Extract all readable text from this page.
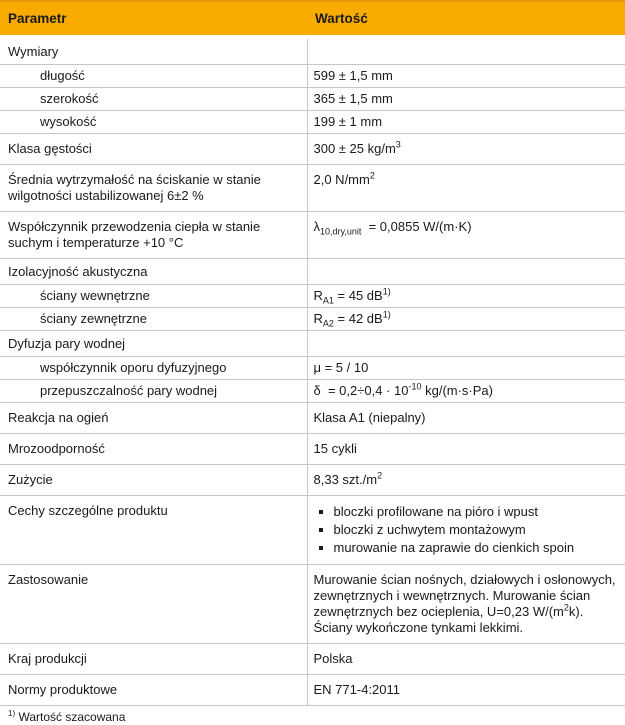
Parametr	Wartość
Wymiary	
długość	599 ± 1,5 mm
szerokość	365 ± 1,5 mm
wysokość	199 ± 1 mm
Klasa gęstości	300 ± 25 $kg/m^3$
Średnia wytrzymałość na ściskanie w stanie wilgotności ustabilizowanej 6±2 %	2,0 $N/mm^2$
Współczynnik przewodzenia ciepła w stanie suchym i temperaturze +10 °C	$\lambda_{10,dry,unit} = 0,0855$ W/(m·K)
Izolacyjność akustyczna	
ściany wewnętrzne	$R_{A1} = 45$ $dB^{1)}$
ściany zewnętrzne	$R_{A2} = 42$ $dB^{1)}$
Dyfuzja pary wodnej	
współczynnik oporu dyfuzyjnego	μ = 5 / 10
przepuszczalność pary wodnej	$\delta = 0,2\div 0,4 \cdot 10^{-10}$ kg/(m·s·Pa)
Reakcja na ogień	Klasa A1 (niepalny)
Mrozoodporność	15 cykli
Zużycie	8,33 $szt./m^2$
Cechy szczególne produktu	
▪bloczki profilowane na pióro i wpust
▪ bloczki z uchwytem montażowym
▪ murowanie na zaprawie do cienkich spoin

Zastosowanie	Murowanie ścian nośnych, działowych i osłonowych, zewnętrznych i wewnętrznych. Murowanie ścian zewnętrznych bez ocieplenia, U=0,23 $W/(m^2k)$. Ściany wykończone tynkami lekkimi.
Kraj produkcji	Polska
Normy produktowe	EN 771-4:2011
$^{1)}$ Wartość szacowana
